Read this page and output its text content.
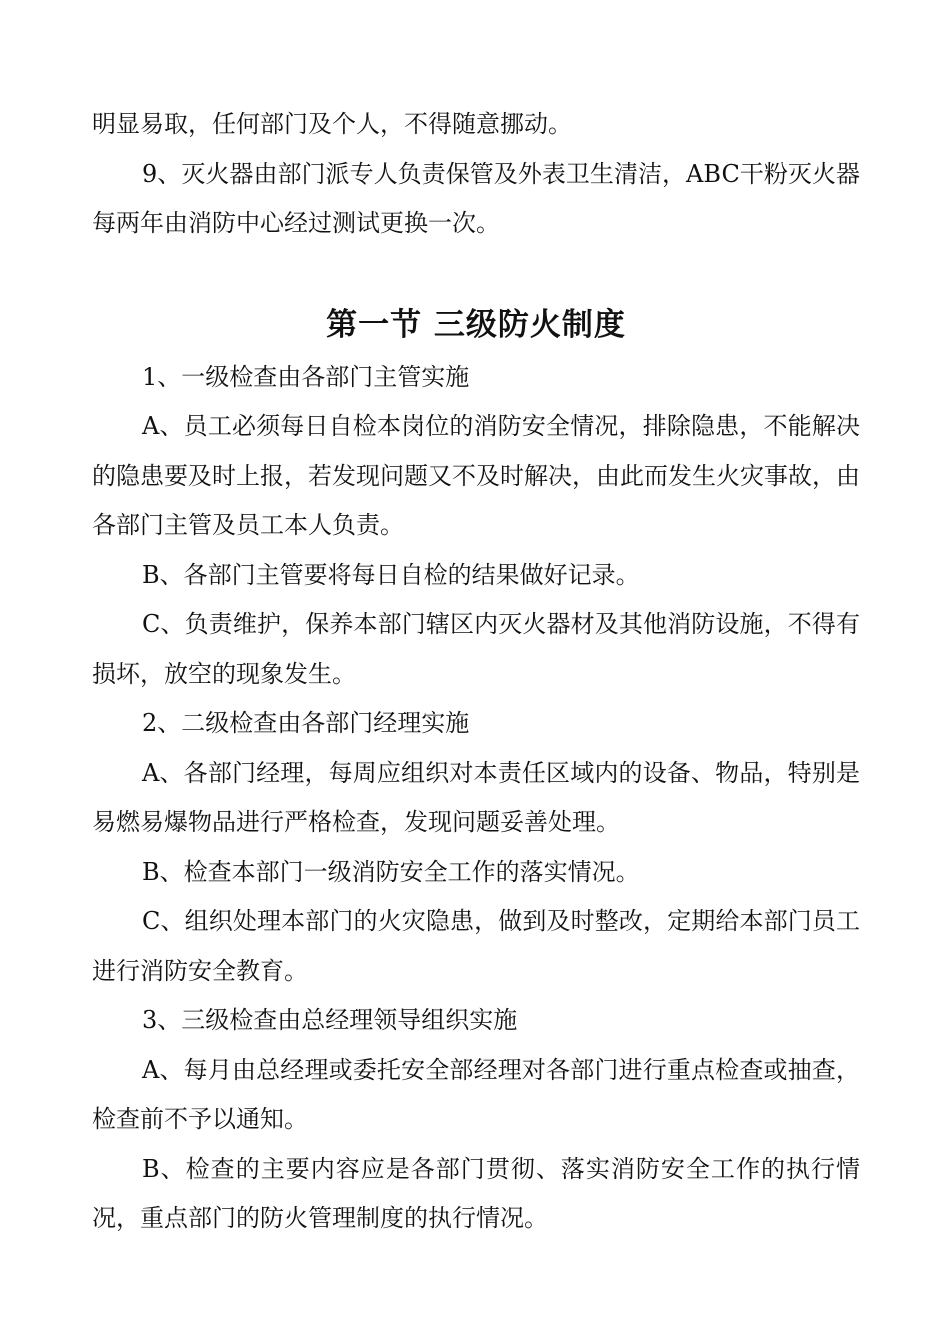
明显易取，任何部门及个人，不得随意挪动。

9、灭火器由部门派专人负责保管及外表卫生清洁，ABC干粉灭火器每两年由消防中心经过测试更换一次。

第一节 三级防火制度

1、一级检查由各部门主管实施

A、员工必须每日自检本岗位的消防安全情况，排除隐患，不能解决的隐患要及时上报，若发现问题又不及时解决，由此而发生火灾事故，由各部门主管及员工本人负责。

B、各部门主管要将每日自检的结果做好记录。

C、负责维护，保养本部门辖区内灭火器材及其他消防设施，不得有损坏，放空的现象发生。

2、二级检查由各部门经理实施

A、各部门经理，每周应组织对本责任区域内的设备、物品，特别是易燃易爆物品进行严格检查，发现问题妥善处理。

B、检查本部门一级消防安全工作的落实情况。

C、组织处理本部门的火灾隐患，做到及时整改，定期给本部门员工进行消防安全教育。

3、三级检查由总经理领导组织实施

A、每月由总经理或委托安全部经理对各部门进行重点检查或抽查，检查前不予以通知。

B、检查的主要内容应是各部门贯彻、落实消防安全工作的执行情况，重点部门的防火管理制度的执行情况。
